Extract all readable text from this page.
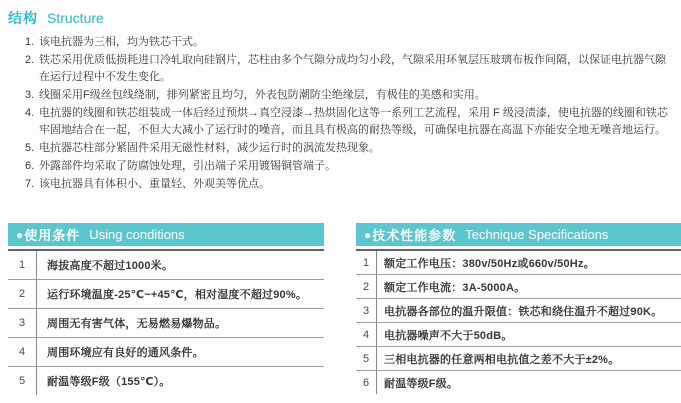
结构 Structure
1. 该电抗器为三相，均为铁芯干式。
2. 铁芯采用优质低损耗进口冷轧取向硅钢片，芯柱由多个气隙分成均匀小段，气隙采用环氧层压玻璃布板作间隔，以保证电抗器气隙在运行过程中不发生变化。
3. 线圈采用F级丝包线绕制，排列紧密且均匀，外表包防潮防尘绝缘层，有极佳的美感和实用。
4. 电抗器的线圈和铁芯组装成一体后经过预烘→真空浸漆→热烘固化这等一系列工艺流程，采用 F 级浸渍漆，使电抗器的线圈和铁芯牢固地结合在一起，不但大大减小了运行时的噪音，而且具有极高的耐热等级，可确保电抗器在高温下亦能安全地无噪音地运行。
5. 电抗器芯柱部分紧固件采用无磁性材料，减少运行时的涡流发热现象。
6. 外露部件均采取了防腐蚀处理，引出端子采用镀锡铜管端子。
7. 该电抗器具有体积小、重量轻、外观美等优点。
● 使用条件 Using conditions
1	海拔高度不超过1000米。
2	运行环境温度-25℃~+45℃，相对湿度不超过90%。
3	周围无有害气体，无易燃易爆物品。
4	周围环境应有良好的通风条件。
5	耐温等级F级（155℃）。
● 技术性能参数 Technique Specifications
1	额定工作电压：380v/50Hz或660v/50Hz。
2	额定工作电流：3A-5000A。
3	电抗器各部位的温升限值：铁芯和绕住温升不超过90K。
4	电抗器噪声不大于50dB。
5	三相电抗器的任意两相电抗值之差不大于±2%。
6	耐温等级F级。
